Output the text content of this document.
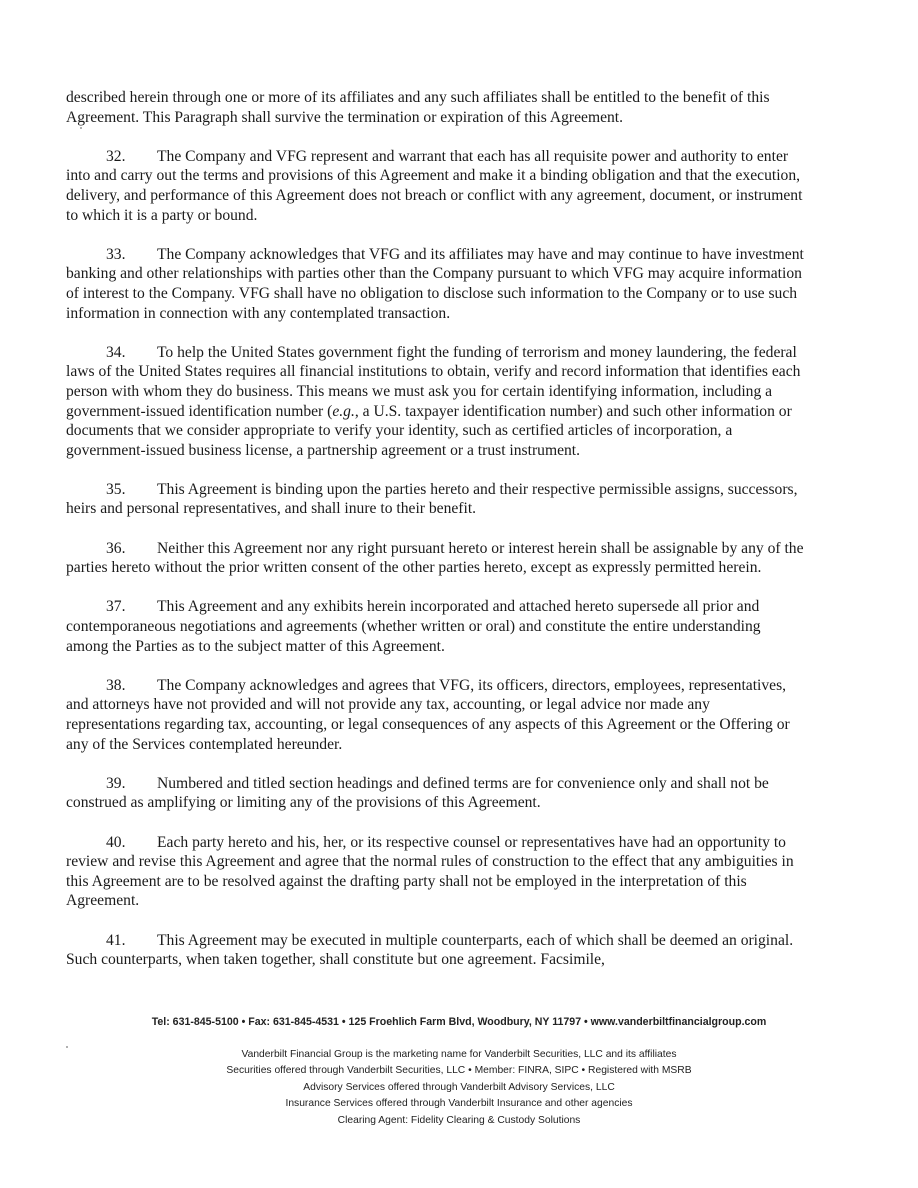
described herein through one or more of its affiliates and any such affiliates shall be entitled to the benefit of this Agreement. This Paragraph shall survive the termination or expiration of this Agreement.

32. The Company and VFG represent and warrant that each has all requisite power and authority to enter into and carry out the terms and provisions of this Agreement and make it a binding obligation and that the execution, delivery, and performance of this Agreement does not breach or conflict with any agreement, document, or instrument to which it is a party or bound.

33. The Company acknowledges that VFG and its affiliates may have and may continue to have investment banking and other relationships with parties other than the Company pursuant to which VFG may acquire information of interest to the Company. VFG shall have no obligation to disclose such information to the Company or to use such information in connection with any contemplated transaction.

34. To help the United States government fight the funding of terrorism and money laundering, the federal laws of the United States requires all financial institutions to obtain, verify and record information that identifies each person with whom they do business. This means we must ask you for certain identifying information, including a government-issued identification number (e.g., a U.S. taxpayer identification number) and such other information or documents that we consider appropriate to verify your identity, such as certified articles of incorporation, a government-issued business license, a partnership agreement or a trust instrument.

35. This Agreement is binding upon the parties hereto and their respective permissible assigns, successors, heirs and personal representatives, and shall inure to their benefit.

36. Neither this Agreement nor any right pursuant hereto or interest herein shall be assignable by any of the parties hereto without the prior written consent of the other parties hereto, except as expressly permitted herein.

37. This Agreement and any exhibits herein incorporated and attached hereto supersede all prior and contemporaneous negotiations and agreements (whether written or oral) and constitute the entire understanding among the Parties as to the subject matter of this Agreement.

38. The Company acknowledges and agrees that VFG, its officers, directors, employees, representatives, and attorneys have not provided and will not provide any tax, accounting, or legal advice nor made any representations regarding tax, accounting, or legal consequences of any aspects of this Agreement or the Offering or any of the Services contemplated hereunder.

39. Numbered and titled section headings and defined terms are for convenience only and shall not be construed as amplifying or limiting any of the provisions of this Agreement.

40. Each party hereto and his, her, or its respective counsel or representatives have had an opportunity to review and revise this Agreement and agree that the normal rules of construction to the effect that any ambiguities in this Agreement are to be resolved against the drafting party shall not be employed in the interpretation of this Agreement.

41. This Agreement may be executed in multiple counterparts, each of which shall be deemed an original. Such counterparts, when taken together, shall constitute but one agreement. Facsimile,

Tel: 631-845-5100 • Fax: 631-845-4531 • 125 Froehlich Farm Blvd, Woodbury, NY 11797 • www.vanderbiltfinancialgroup.com

Vanderbilt Financial Group is the marketing name for Vanderbilt Securities, LLC and its affiliates

Securities offered through Vanderbilt Securities, LLC • Member: FINRA, SIPC • Registered with MSRB

Advisory Services offered through Vanderbilt Advisory Services, LLC

Insurance Services offered through Vanderbilt Insurance and other agencies

Clearing Agent: Fidelity Clearing & Custody Solutions
